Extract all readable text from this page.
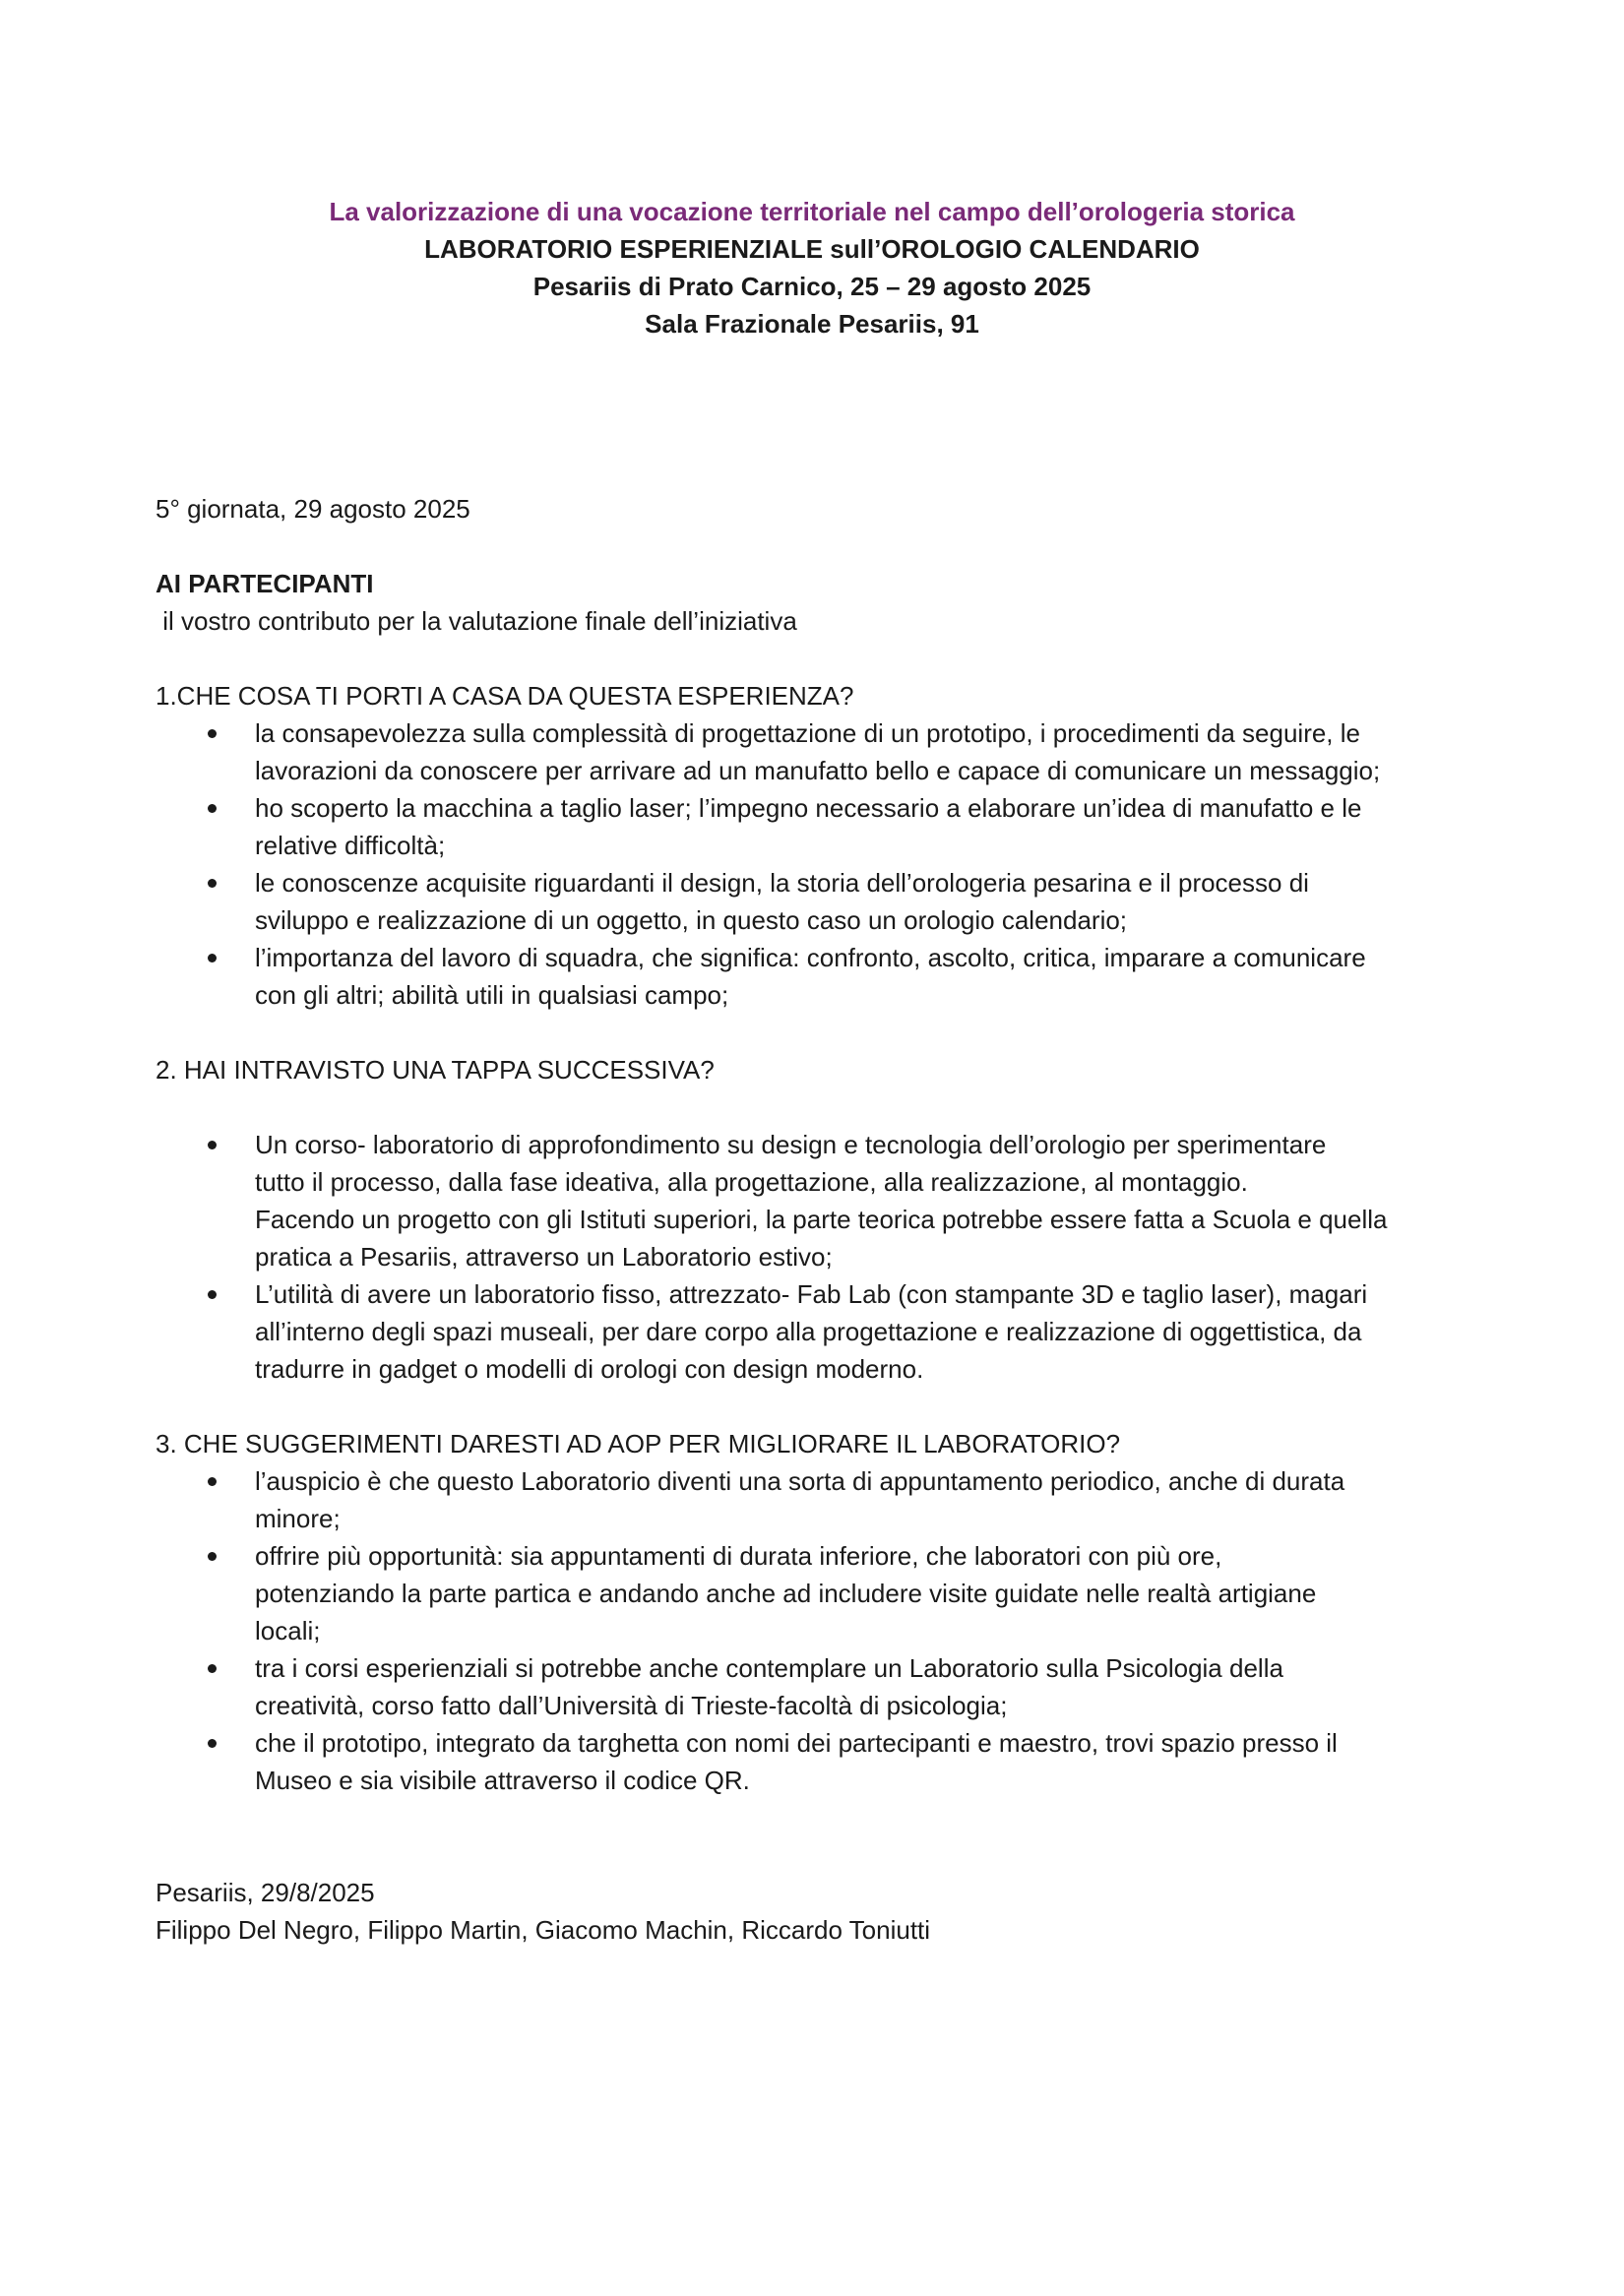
La valorizzazione di una vocazione territoriale nel campo dell’orologeria storica
LABORATORIO ESPERIENZIALE sull’OROLOGIO CALENDARIO
Pesariis di Prato Carnico, 25 – 29 agosto 2025
Sala Frazionale Pesariis, 91
5° giornata, 29 agosto 2025
AI PARTECIPANTI
il vostro contributo per la valutazione finale dell’iniziativa
1.CHE COSA TI PORTI A CASA DA QUESTA ESPERIENZA?
la consapevolezza sulla complessità di progettazione di un prototipo, i procedimenti da seguire, le
lavorazioni da conoscere per arrivare ad un manufatto bello e capace di comunicare un messaggio;
ho scoperto la macchina a taglio laser; l’impegno necessario a elaborare un’idea di manufatto e le
relative difficoltà;
le conoscenze acquisite riguardanti il design, la storia dell’orologeria pesarina e il processo di
sviluppo e realizzazione di un oggetto, in questo caso un orologio calendario;
l’importanza del lavoro di squadra, che significa: confronto, ascolto, critica, imparare a comunicare
con gli altri; abilità utili in qualsiasi campo;
2. HAI INTRAVISTO UNA TAPPA SUCCESSIVA?
Un corso- laboratorio di approfondimento su design e tecnologia dell’orologio per sperimentare
tutto il processo, dalla fase ideativa, alla progettazione, alla realizzazione, al montaggio.
Facendo un progetto con gli Istituti superiori, la parte teorica potrebbe essere fatta a Scuola e quella
pratica a Pesariis, attraverso un Laboratorio estivo;
L’utilità di avere un laboratorio fisso, attrezzato- Fab Lab (con stampante 3D e taglio laser), magari
all’interno degli spazi museali, per dare corpo alla progettazione e realizzazione di oggettistica, da
tradurre in gadget o modelli di orologi con design moderno.
3. CHE SUGGERIMENTI DARESTI AD AOP PER MIGLIORARE IL LABORATORIO?
l’auspicio è che questo Laboratorio diventi una sorta di appuntamento periodico, anche di durata
minore;
offrire più opportunità: sia appuntamenti di durata inferiore, che laboratori con più ore,
potenziando la parte partica e andando anche ad includere visite guidate nelle realtà artigiane
locali;
tra i corsi esperienziali si potrebbe anche contemplare un Laboratorio sulla Psicologia della
creatività, corso fatto dall’Università di Trieste-facoltà di psicologia;
che il prototipo, integrato da targhetta con nomi dei partecipanti e maestro, trovi spazio presso il
Museo e sia visibile attraverso il codice QR.
Pesariis, 29/8/2025
Filippo Del Negro, Filippo Martin, Giacomo Machin, Riccardo Toniutti
